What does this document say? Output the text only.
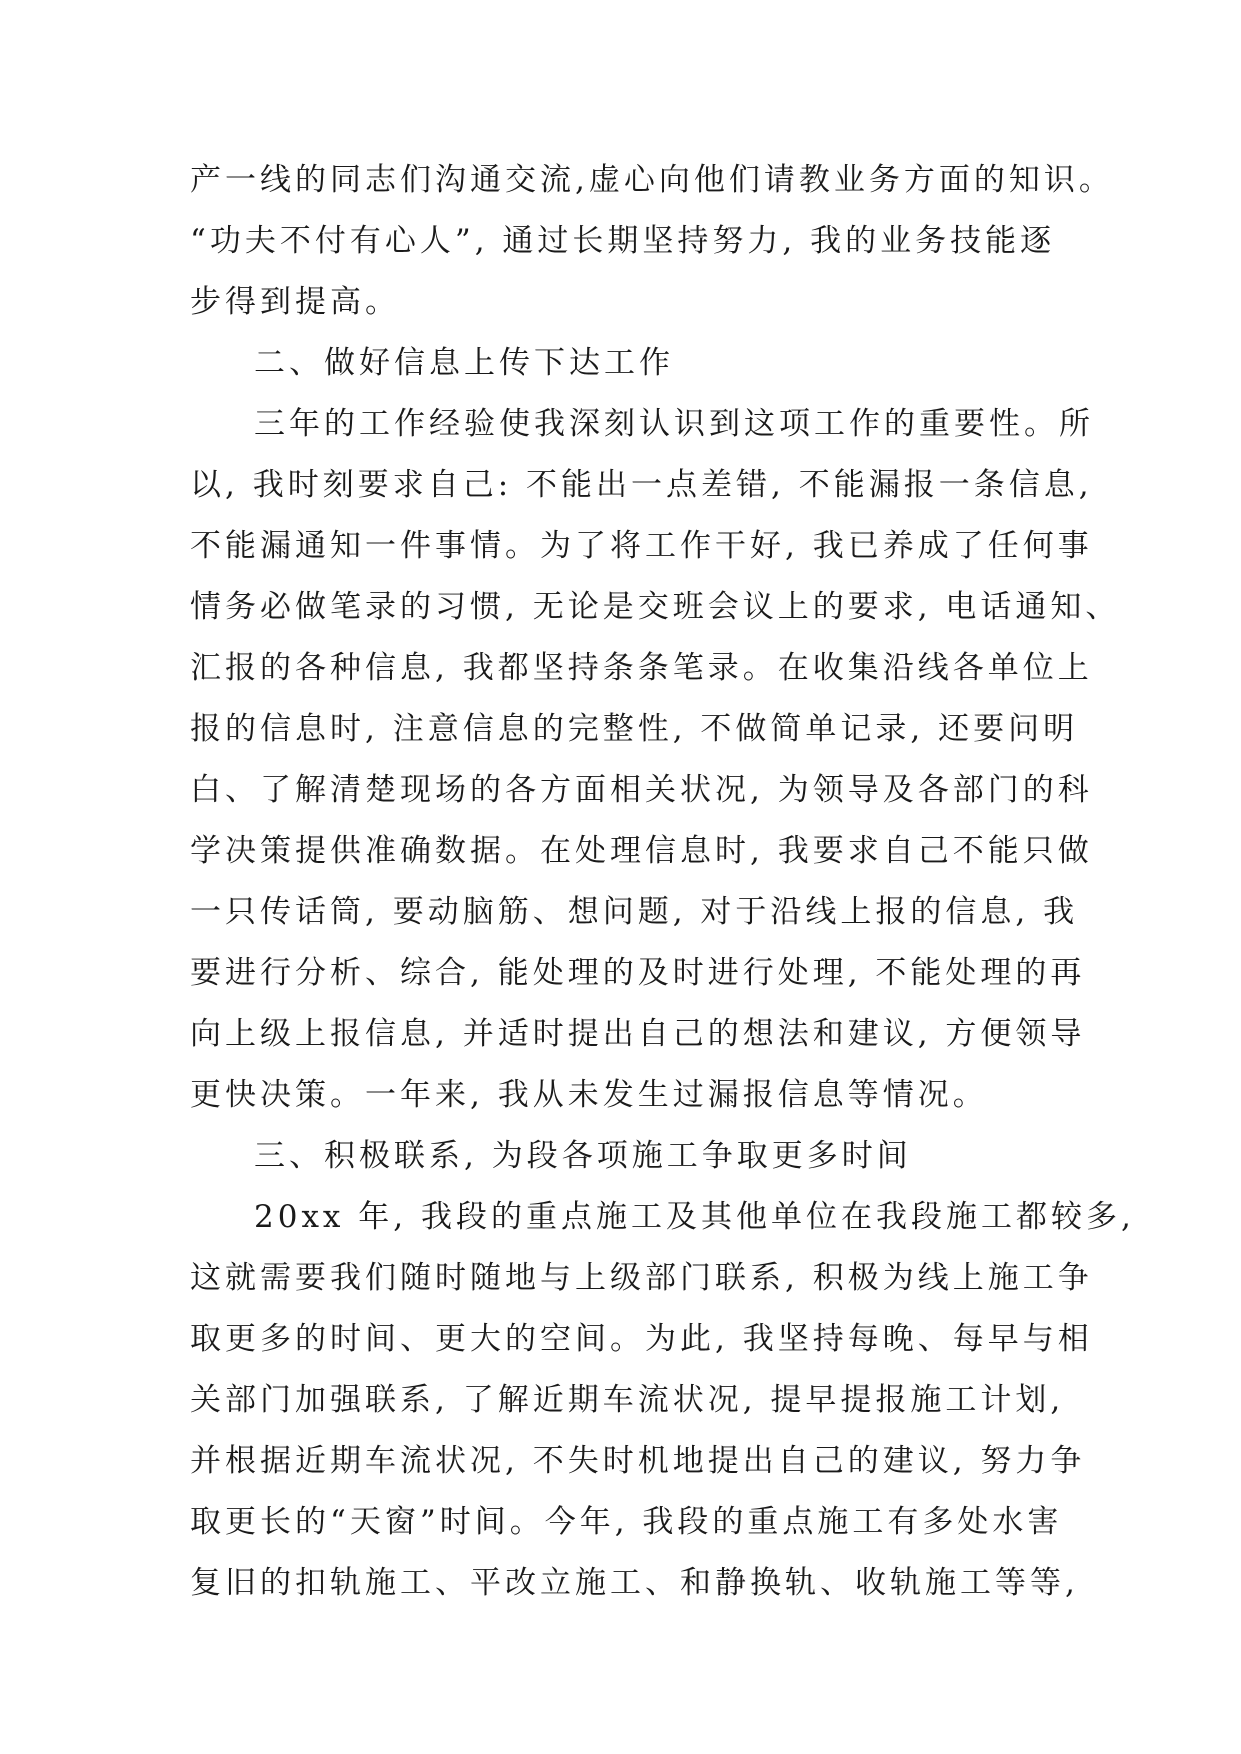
产一线的同志们沟通交流,虚心向他们请教业务方面的知识。
“功夫不付有心人”, 通过长期坚持努力, 我的业务技能逐
步得到提高。
二、做好信息上传下达工作
三年的工作经验使我深刻认识到这项工作的重要性。所
以, 我时刻要求自己: 不能出一点差错, 不能漏报一条信息,
不能漏通知一件事情。为了将工作干好, 我已养成了任何事
情务必做笔录的习惯, 无论是交班会议上的要求, 电话通知、
汇报的各种信息, 我都坚持条条笔录。在收集沿线各单位上
报的信息时, 注意信息的完整性, 不做简单记录, 还要问明
白、了解清楚现场的各方面相关状况, 为领导及各部门的科
学决策提供准确数据。在处理信息时, 我要求自己不能只做
一只传话筒, 要动脑筋、想问题, 对于沿线上报的信息, 我
要进行分析、综合, 能处理的及时进行处理, 不能处理的再
向上级上报信息, 并适时提出自己的想法和建议, 方便领导
更快决策。一年来, 我从未发生过漏报信息等情况。
三、积极联系, 为段各项施工争取更多时间
20xx 年, 我段的重点施工及其他单位在我段施工都较多,
这就需要我们随时随地与上级部门联系, 积极为线上施工争
取更多的时间、更大的空间。为此, 我坚持每晚、每早与相
关部门加强联系, 了解近期车流状况, 提早提报施工计划,
并根据近期车流状况, 不失时机地提出自己的建议, 努力争
取更长的“天窗”时间。今年, 我段的重点施工有多处水害
复旧的扣轨施工、平改立施工、和静换轨、收轨施工等等,
